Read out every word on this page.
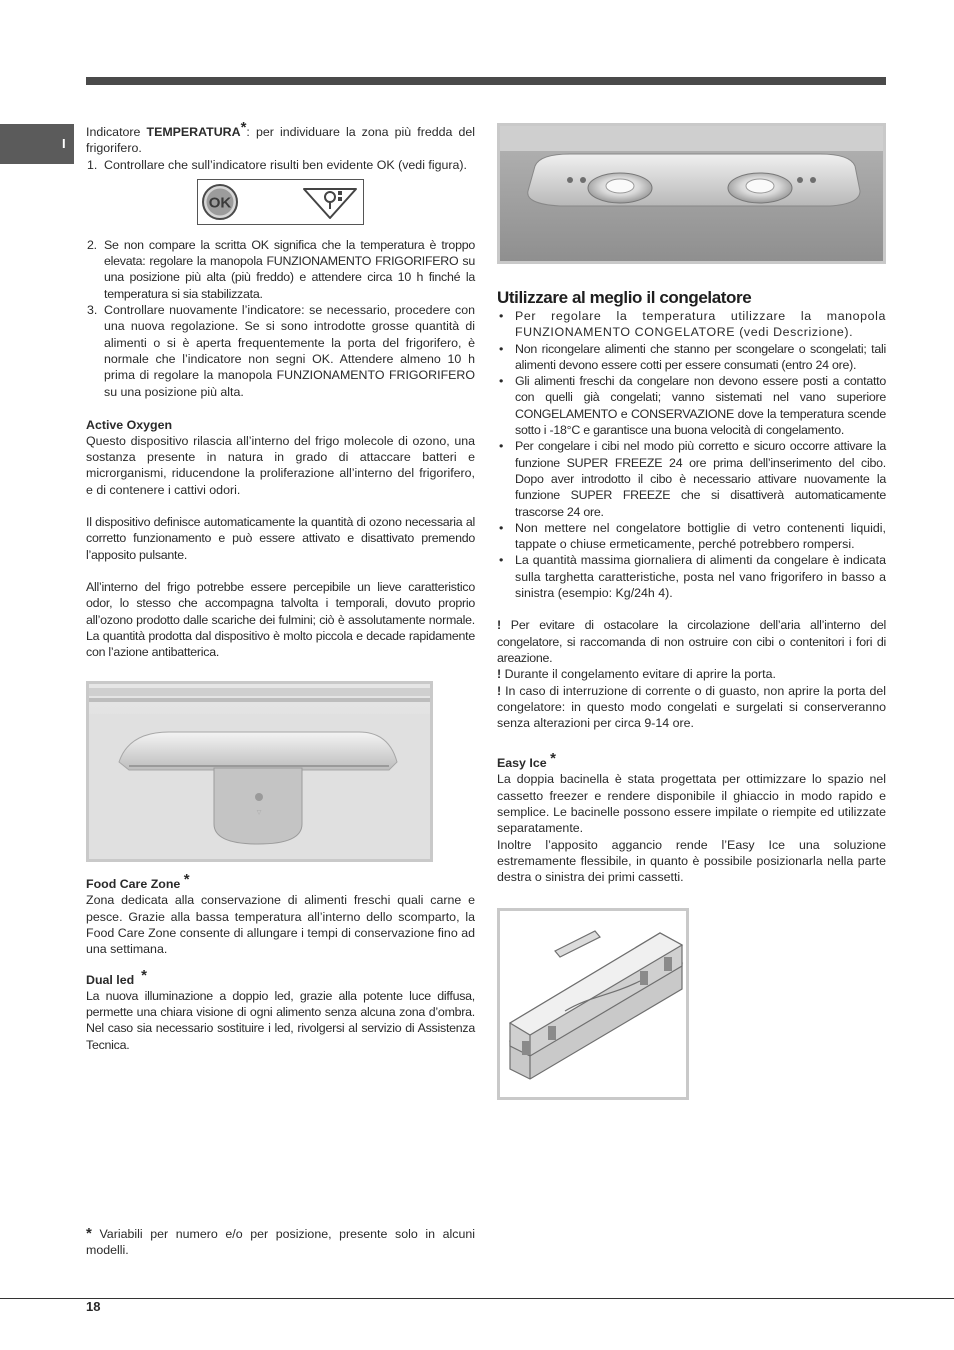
I

Indicatore TEMPERATURA*: per individuare la zona più fredda del frigorifero.

1. Controllare che sull’indicatore risulti ben evidente OK (vedi figura).
OK
2. Se non compare la scritta OK significa che la temperatura è troppo elevata: regolare la manopola FUNZIONAMENTO FRIGORIFERO su una posizione più alta (più freddo) e attendere circa 10 h finché la temperatura si sia stabilizzata.
3. Controllare nuovamente l’indicatore: se necessario, procedere con una nuova regolazione. Se si sono introdotte grosse quantità di alimenti o si è aperta frequentemente la porta del frigorifero, è normale che l’indicatore non segni OK. Attendere almeno 10 h prima di regolare la manopola FUNZIONAMENTO FRIGORIFERO su una posizione più alta.
Active Oxygen

Questo dispositivo rilascia all’interno del frigo molecole di ozono, una sostanza presente in natura in grado di attaccare batteri e microrganismi, riducendone la proliferazione all’interno del frigorifero, e di contenere i cattivi odori.

Il dispositivo definisce automaticamente la quantità di ozono necessaria al corretto funzionamento e può essere attivato e disattivato premendo l’apposito pulsante.

All’interno del frigo potrebbe essere percepibile un lieve caratteristico odor, lo stesso che accompagna talvolta i temporali, dovuto proprio all’ozono prodotto dalle scariche dei fulmini; ciò è assolutamente normale. La quantità prodotta dal dispositivo è molto piccola e decade rapidamente con l’azione antibatterica.

▽
Food Care Zone *

Zona dedicata alla conservazione di alimenti freschi quali carne e pesce. Grazie alla bassa temperatura all’interno dello scomparto, la Food Care Zone consente di allungare i tempi di conservazione fino ad una settimana.

Dual led *

La nuova illuminazione a doppio led, grazie alla potente luce diffusa, permette una chiara visione di ogni alimento senza alcuna zona d’ombra. Nel caso sia necessario sostituire i led, rivolgersi al servizio di Assistenza Tecnica.

* Variabili per numero e/o per posizione, presente solo in alcuni modelli.

Utilizzare al meglio il congelatore
• Per regolare la temperatura utilizzare la manopola FUNZIONAMENTO CONGELATORE (vedi Descrizione).
• Non ricongelare alimenti che stanno per scongelare o scongelati; tali alimenti devono essere cotti per essere consumati (entro 24 ore).
• Gli alimenti freschi da congelare non devono essere posti a contatto con quelli già congelati; vanno sistemati nel vano superiore CONGELAMENTO e CONSERVAZIONE dove la temperatura scende sotto i -18°C e garantisce una buona velocità di congelamento.
• Per congelare i cibi nel modo più corretto e sicuro occorre attivare la funzione SUPER FREEZE 24 ore prima dell’inserimento del cibo. Dopo aver introdotto il cibo è necessario attivare nuovamente la funzione SUPER FREEZE che si disattiverà automaticamente trascorse 24 ore.
• Non mettere nel congelatore bottiglie di vetro contenenti liquidi, tappate o chiuse ermeticamente, perché potrebbero rompersi.
• La quantità massima giornaliera di alimenti da congelare è indicata sulla targhetta caratteristiche, posta nel vano frigorifero in basso a sinistra (esempio: Kg/24h 4).

! Per evitare di ostacolare la circolazione dell’aria all’interno del congelatore, si raccomanda di non ostruire con cibi o contenitori i fori di areazione.

! Durante il congelamento evitare di aprire la porta.

! In caso di interruzione di corrente o di guasto, non aprire la porta del congelatore: in questo modo congelati e surgelati si conserveranno senza alterazioni per circa 9-14 ore.

Easy Ice *

La doppia bacinella è stata progettata per ottimizzare lo spazio nel cassetto freezer e rendere disponibile il ghiaccio in modo rapido e semplice. Le bacinelle possono essere impilate o riempite ed utilizzate separatamente.

Inoltre l’apposito aggancio rende l’Easy Ice una soluzione estremamente flessibile, in quanto è possibile posizionarla nella parte destra o sinistra dei primi cassetti.

18
